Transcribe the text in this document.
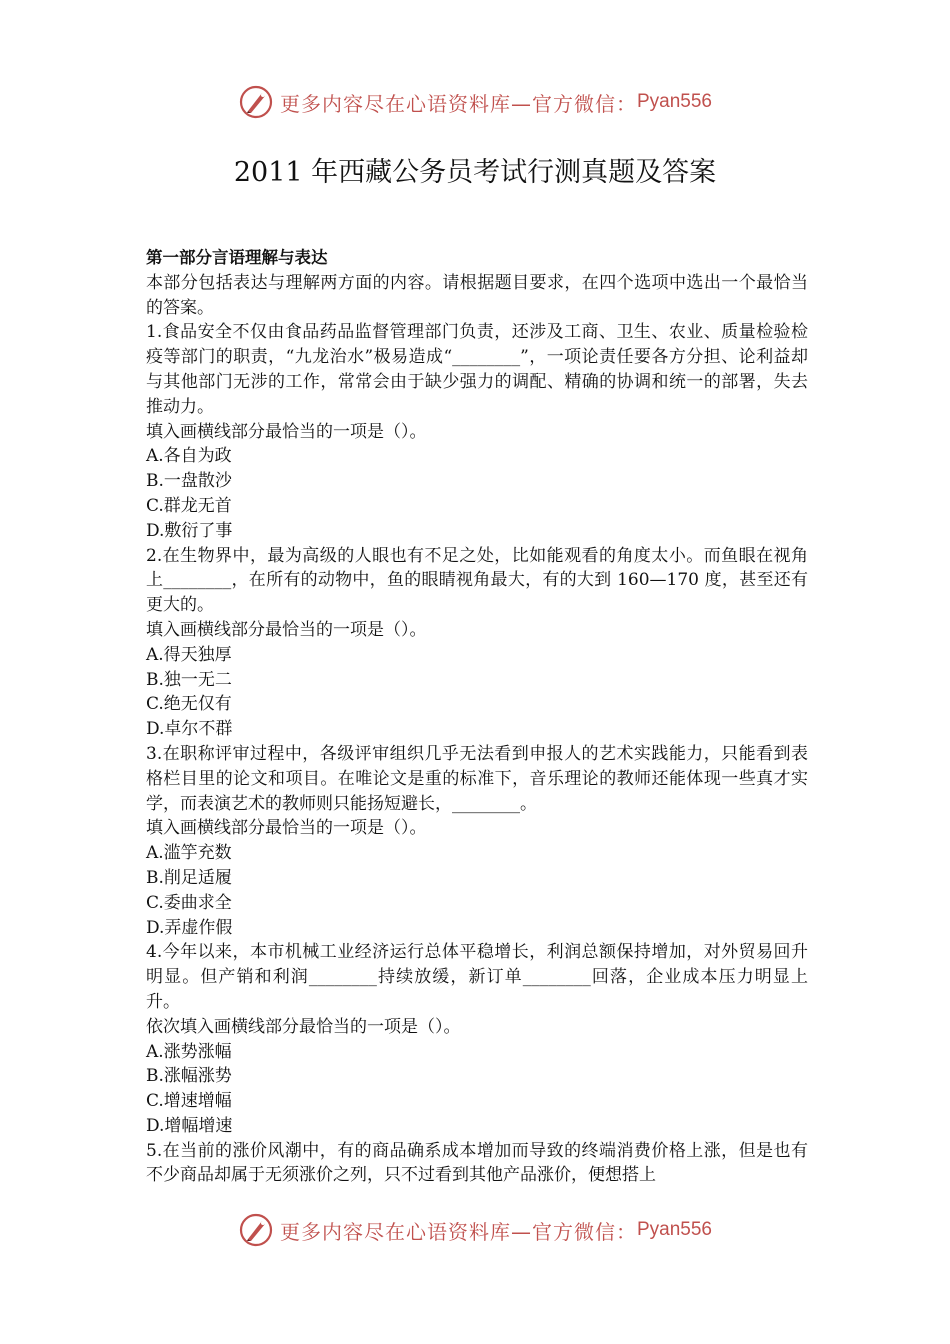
更多内容尽在心语资料库—官方微信： Pyan556
2011 年西藏公务员考试行测真题及答案

第一部分言语理解与表达

本部分包括表达与理解两方面的内容。请根据题目要求，在四个选项中选出一个最恰当的答案。

1.食品安全不仅由食品药品监督管理部门负责，还涉及工商、卫生、农业、质量检验检疫等部门的职责，“九龙治水”极易造成“________”，一项论责任要各方分担、论利益却与其他部门无涉的工作，常常会由于缺少强力的调配、精确的协调和统一的部署，失去推动力。

填入画横线部分最恰当的一项是（）。

A.各自为政

B.一盘散沙

C.群龙无首

D.敷衍了事

2.在生物界中，最为高级的人眼也有不足之处，比如能观看的角度太小。而鱼眼在视角上________，在所有的动物中，鱼的眼睛视角最大，有的大到 160—170 度，甚至还有更大的。

填入画横线部分最恰当的一项是（）。

A.得天独厚

B.独一无二

C.绝无仅有

D.卓尔不群

3.在职称评审过程中，各级评审组织几乎无法看到申报人的艺术实践能力，只能看到表格栏目里的论文和项目。在唯论文是重的标准下，音乐理论的教师还能体现一些真才实学，而表演艺术的教师则只能扬短避长，________。

填入画横线部分最恰当的一项是（）。

A.滥竽充数

B.削足适履

C.委曲求全

D.弄虚作假

4.今年以来，本市机械工业经济运行总体平稳增长，利润总额保持增加，对外贸易回升明显。但产销和利润________持续放缓，新订单________回落，企业成本压力明显上升。

依次填入画横线部分最恰当的一项是（）。

A.涨势涨幅

B.涨幅涨势

C.增速增幅

D.增幅增速

5.在当前的涨价风潮中，有的商品确系成本增加而导致的终端消费价格上涨，但是也有不少商品却属于无须涨价之列，只不过看到其他产品涨价，便想搭上

更多内容尽在心语资料库—官方微信： Pyan556
